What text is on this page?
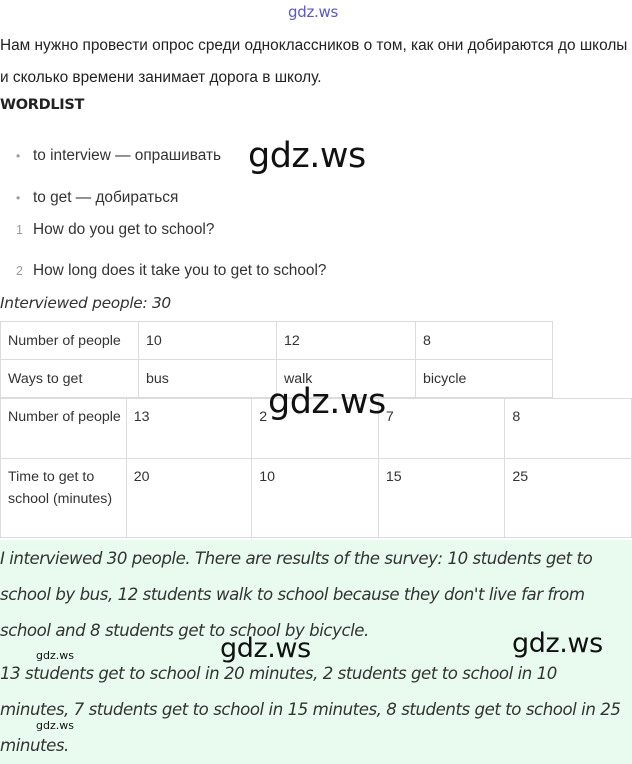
gdz.ws
Нам нужно провести опрос среди одноклассников о том, как они добираются до школы и сколько времени занимает дорога в школу.
WORDLIST
• to interview — опрашивать
• to get — добираться
1 How do you get to school?
2 How long does it take you to get to school?
Interviewed people: 30
Number of people	10	12	8
Ways to get	bus	walk	bicycle
Number of people	13	2	7	8
Time to get to school (minutes)	20	10	15	25

I interviewed 30 people. There are results of the survey: 10 students get to school by bus, 12 students walk to school because they don't live far from school and 8 students get to school by bicycle.

13 students get to school in 20 minutes, 2 students get to school in 10 minutes, 7 students get to school in 15 minutes, 8 students get to school in 25 minutes.

gdz.ws
gdz.ws
gdz.ws	gdz.ws
gdz.ws
gdz.ws
